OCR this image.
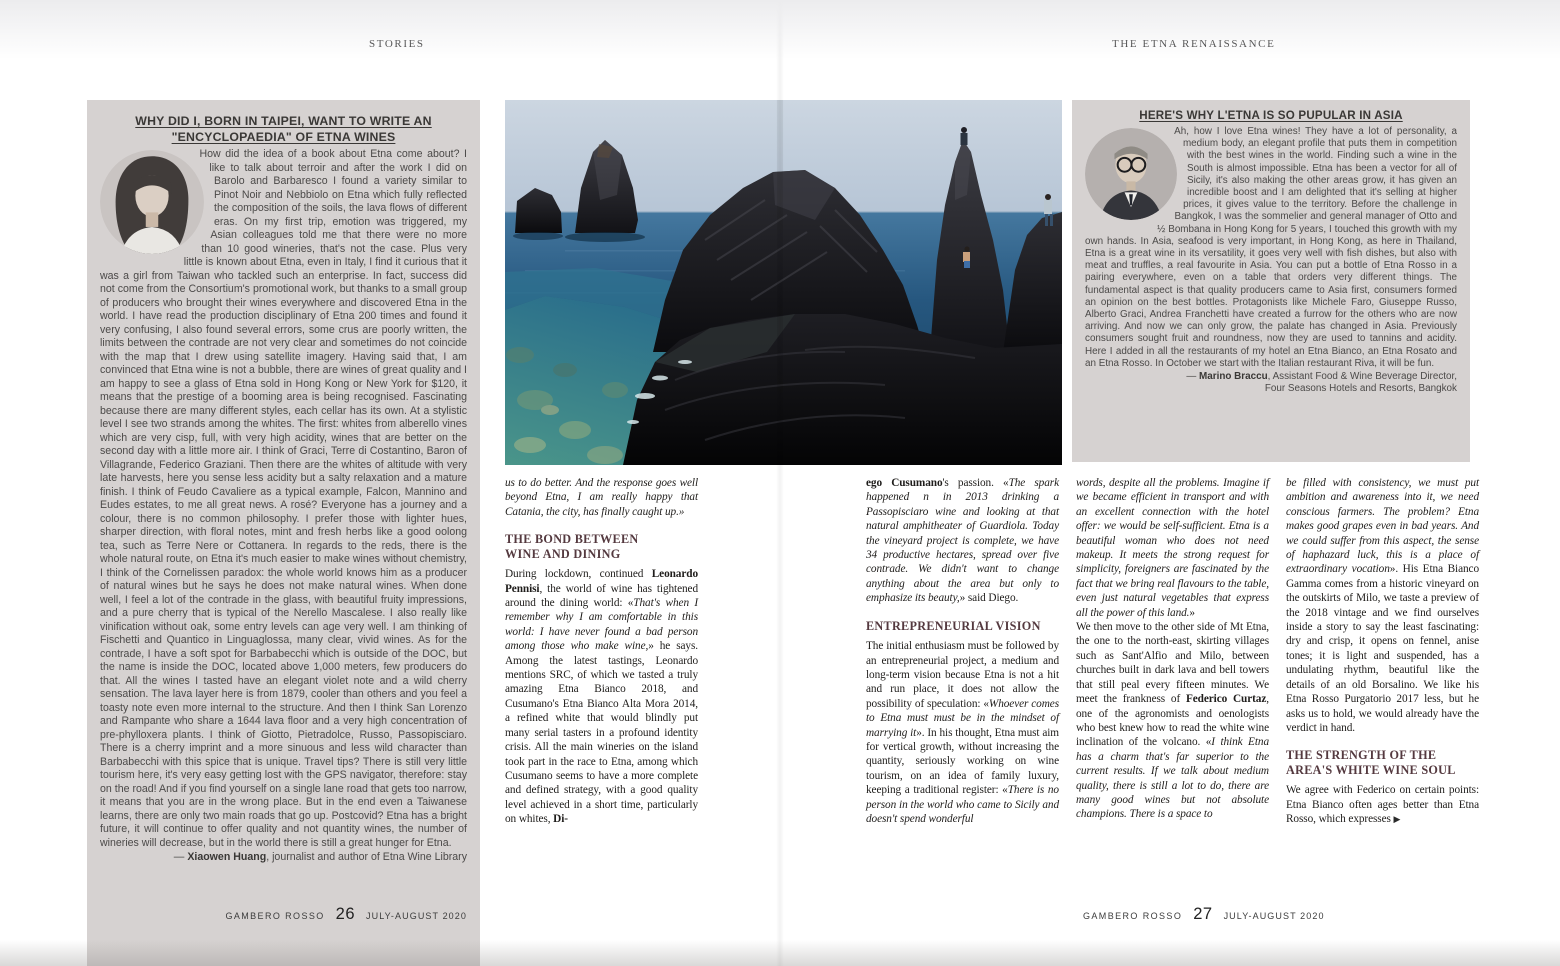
STORIES	THE ETNA RENAISSANCE
WHY DID I, BORN IN TAIPEI, WANT TO WRITE AN "ENCYCLOPAEDIA" OF ETNA WINES
How did the idea of a book about Etna come about? I like to talk about terroir and after the work I did on Barolo and Barbaresco I found a variety similar to Pinot Noir and Nebbiolo on Etna which fully reflected the composition of the soils, the lava flows of different eras. On my first trip, emotion was triggered, my Asian colleagues told me that there were no more than 10 good wineries, that's not the case. Plus very little is known about Etna, even in Italy, I find it curious that it was a girl from Taiwan who tackled such an enterprise. In fact, success did not come from the Consortium's promotional work, but thanks to a small group of producers who brought their wines everywhere and discovered Etna in the world. I have read the production disciplinary of Etna 200 times and found it very confusing, I also found several errors, some crus are poorly written, the limits between the contrade are not very clear and sometimes do not coincide with the map that I drew using satellite imagery. Having said that, I am convinced that Etna wine is not a bubble, there are wines of great quality and I am happy to see a glass of Etna sold in Hong Kong or New York for $120, it means that the prestige of a booming area is being recognised. Fascinating because there are many different styles, each cellar has its own. At a stylistic level I see two strands among the whites. The first: whites from alberello vines which are very cisp, full, with very high acidity, wines that are better on the second day with a little more air. I think of Graci, Terre di Costantino, Baron of Villagrande, Federico Graziani. Then there are the whites of altitude with very late harvests, here you sense less acidity but a salty relaxation and a mature finish. I think of Feudo Cavaliere as a typical example, Falcon, Mannino and Eudes estates, to me all great news. A rosé? Everyone has a journey and a colour, there is no common philosophy. I prefer those with lighter hues, sharper direction, with floral notes, mint and fresh herbs like a good oolong tea, such as Terre Nere or Cottanera. In regards to the reds, there is the whole natural route, on Etna it's much easier to make wines without chemistry, I think of the Cornelissen paradox: the whole world knows him as a producer of natural wines but he says he does not make natural wines. When done well, I feel a lot of the contrade in the glass, with beautiful fruity impressions, and a pure cherry that is typical of the Nerello Mascalese. I also really like vinification without oak, some entry levels can age very well. I am thinking of Fischetti and Quantico in Linguaglossa, many clear, vivid wines. As for the contrade, I have a soft spot for Barbabecchi which is outside of the DOC, but the name is inside the DOC, located above 1,000 meters, few producers do that. All the wines I tasted have an elegant violet note and a wild cherry sensation. The lava layer here is from 1879, cooler than others and you feel a toasty note even more internal to the structure. And then I think San Lorenzo and Rampante who share a 1644 lava floor and a very high concentration of pre-phylloxera plants. I think of Giotto, Pietradolce, Russo, Passopisciaro. There is a cherry imprint and a more sinuous and less wild character than Barbabecchi with this spice that is unique. Travel tips? There is still very little tourism here, it's very easy getting lost with the GPS navigator, therefore: stay on the road! And if you find yourself on a single lane road that gets too narrow, it means that you are in the wrong place. But in the end even a Taiwanese learns, there are only two main roads that go up. Postcovid? Etna has a bright future, it will continue to offer quality and not quantity wines, the number of wineries will decrease, but in the world there is still a great hunger for Etna.
— Xiaowen Huang, journalist and author of Etna Wine Library
HERE'S WHY L'ETNA IS SO PUPULAR IN ASIA
Ah, how I love Etna wines! They have a lot of personality, a medium body, an elegant profile that puts them in competition with the best wines in the world. Finding such a wine in the South is almost impossible. Etna has been a vector for all of Sicily, it's also making the other areas grow, it has given an incredible boost and I am delighted that it's selling at higher prices, it gives value to the territory. Before the challenge in Bangkok, I was the sommelier and general manager of Otto and ½ Bombana in Hong Kong for 5 years, I touched this growth with my own hands. In Asia, seafood is very important, in Hong Kong, as here in Thailand, Etna is a great wine in its versatility, it goes very well with fish dishes, but also with meat and truffles, a real favourite in Asia. You can put a bottle of Etna Rosso in a pairing everywhere, even on a table that orders very different things. The fundamental aspect is that quality producers came to Asia first, consumers formed an opinion on the best bottles. Protagonists like Michele Faro, Giuseppe Russo, Alberto Graci, Andrea Franchetti have created a furrow for the others who are now arriving. And now we can only grow, the palate has changed in Asia. Previously consumers sought fruit and roundness, now they are used to tannins and acidity. Here I added in all the restaurants of my hotel an Etna Bianco, an Etna Rosato and an Etna Rosso. In October we start with the Italian restaurant Riva, it will be fun.
— Marino Braccu, Assistant Food & Wine Beverage Director,
Four Seasons Hotels and Resorts, Bangkok

us to do better. And the response goes well beyond Etna, I am really happy that Catania, the city, has finally caught up.»

THE BOND BETWEEN
WINE AND DINING

During lockdown, continued Leonardo Pennisi, the world of wine has tightened around the dining world: «That's when I remember why I am comfortable in this world: I have never found a bad person among those who make wine,» he says. Among the latest tastings, Leonardo mentions SRC, of which we tasted a truly amazing Etna Bianco 2018, and Cusumano's Etna Bianco Alta Mora 2014, a refined white that would blindly put many serial tasters in a profound identity crisis. All the main wineries on the island took part in the race to Etna, among which Cusumano seems to have a more complete and defined strategy, with a good quality level achieved in a short time, particularly on whites, Di-

ego Cusumano's passion. «The spark happened n in 2013 drinking a Passopisciaro wine and looking at that natural amphitheater of Guardiola. Today the vineyard project is complete, we have 34 productive hectares, spread over five contrade. We didn't want to change anything about the area but only to emphasize its beauty,» said Diego.

ENTREPRENEURIAL VISION

The initial enthusiasm must be followed by an entrepreneurial project, a medium and long-term vision because Etna is not a hit and run place, it does not allow the possibility of speculation: «Whoever comes to Etna must must be in the mindset of marrying it». In his thought, Etna must aim for vertical growth, without increasing the quantity, seriously working on wine tourism, on an idea of family luxury, keeping a traditional register: «There is no person in the world who came to Sicily and doesn't spend wonderful

words, despite all the problems. Imagine if we became efficient in transport and with an excellent connection with the hotel offer: we would be self-sufficient. Etna is a beautiful woman who does not need makeup. It meets the strong request for simplicity, foreigners are fascinated by the fact that we bring real flavours to the table, even just natural vegetables that express all the power of this land.»

We then move to the other side of Mt Etna, the one to the north-east, skirting villages such as Sant'Alfio and Milo, between churches built in dark lava and bell towers that still peal every fifteen minutes. We meet the frankness of Federico Curtaz, one of the agronomists and oenologists who best knew how to read the white wine inclination of the volcano. «I think Etna has a charm that's far superior to the current results. If we talk about medium quality, there is still a lot to do, there are many good wines but not absolute champions. There is a space to

be filled with consistency, we must put ambition and awareness into it, we need conscious farmers. The problem? Etna makes good grapes even in bad years. And we could suffer from this aspect, the sense of haphazard luck, this is a place of extraordinary vocation». His Etna Bianco Gamma comes from a historic vineyard on the outskirts of Milo, we taste a preview of the 2018 vintage and we find ourselves inside a story to say the least fascinating: dry and crisp, it opens on fennel, anise tones; it is light and suspended, has a undulating rhythm, beautiful like the details of an old Borsalino. We like his Etna Rosso Purgatorio 2017 less, but he asks us to hold, we would already have the verdict in hand.

THE STRENGTH OF THE
AREA'S WHITE WINE SOUL

We agree with Federico on certain points: Etna Bianco often ages better than Etna Rosso, which expresses ▶

GAMBERO ROSSO 26 JULY-AUGUST 2020	GAMBERO ROSSO 27 JULY-AUGUST 2020
